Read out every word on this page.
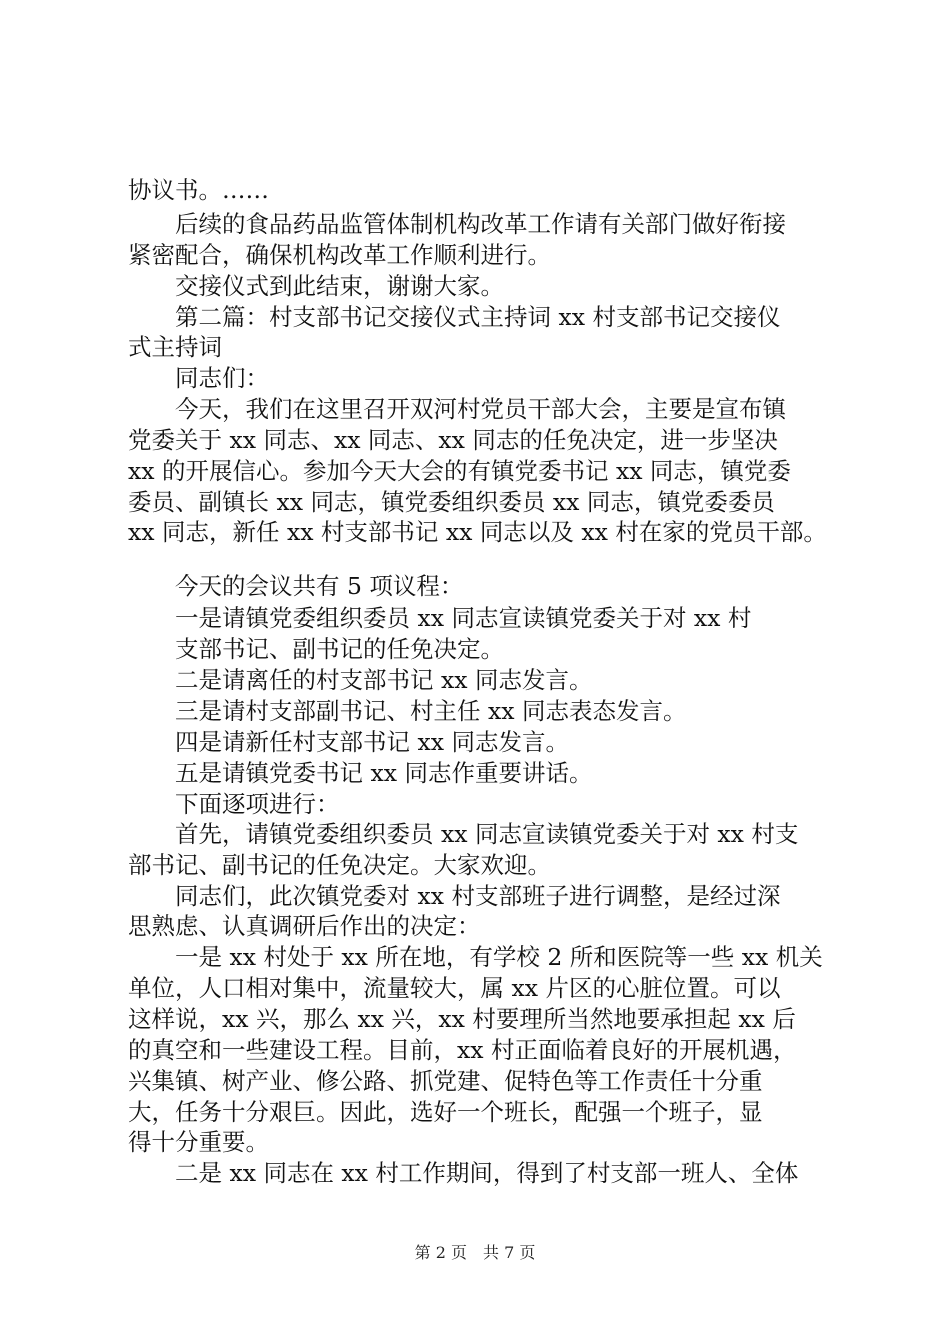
协议书。……
　　后续的食品药品监管体制机构改革工作请有关部门做好衔接
紧密配合，确保机构改革工作顺利进行。
　　交接仪式到此结束，谢谢大家。
　　第二篇：村支部书记交接仪式主持词 xx 村支部书记交接仪
式主持词
　　同志们：
　　今天，我们在这里召开双河村党员干部大会，主要是宣布镇
党委关于 xx 同志、xx 同志、xx 同志的任免决定，进一步坚决
xx 的开展信心。参加今天大会的有镇党委书记 xx 同志，镇党委
委员、副镇长 xx 同志，镇党委组织委员 xx 同志，镇党委委员
xx 同志，新任 xx 村支部书记 xx 同志以及 xx 村在家的党员干部。
　　今天的会议共有 5 项议程：
　　一是请镇党委组织委员 xx 同志宣读镇党委关于对 xx 村
　　支部书记、副书记的任免决定。
　　二是请离任的村支部书记 xx 同志发言。
　　三是请村支部副书记、村主任 xx 同志表态发言。
　　四是请新任村支部书记 xx 同志发言。
　　五是请镇党委书记 xx 同志作重要讲话。
　　下面逐项进行：
　　首先，请镇党委组织委员 xx 同志宣读镇党委关于对 xx 村支
部书记、副书记的任免决定。大家欢迎。
　　同志们，此次镇党委对 xx 村支部班子进行调整，是经过深
思熟虑、认真调研后作出的决定：
　　一是 xx 村处于 xx 所在地，有学校 2 所和医院等一些 xx 机关
单位，人口相对集中，流量较大，属 xx 片区的心脏位置。可以
这样说，xx 兴，那么 xx 兴，xx 村要理所当然地要承担起 xx 后
的真空和一些建设工程。目前，xx 村正面临着良好的开展机遇，
兴集镇、树产业、修公路、抓党建、促特色等工作责任十分重
大，任务十分艰巨。因此，选好一个班长，配强一个班子，显
得十分重要。
　　二是 xx 同志在 xx 村工作期间，得到了村支部一班人、全体
第 2 页　共 7 页
